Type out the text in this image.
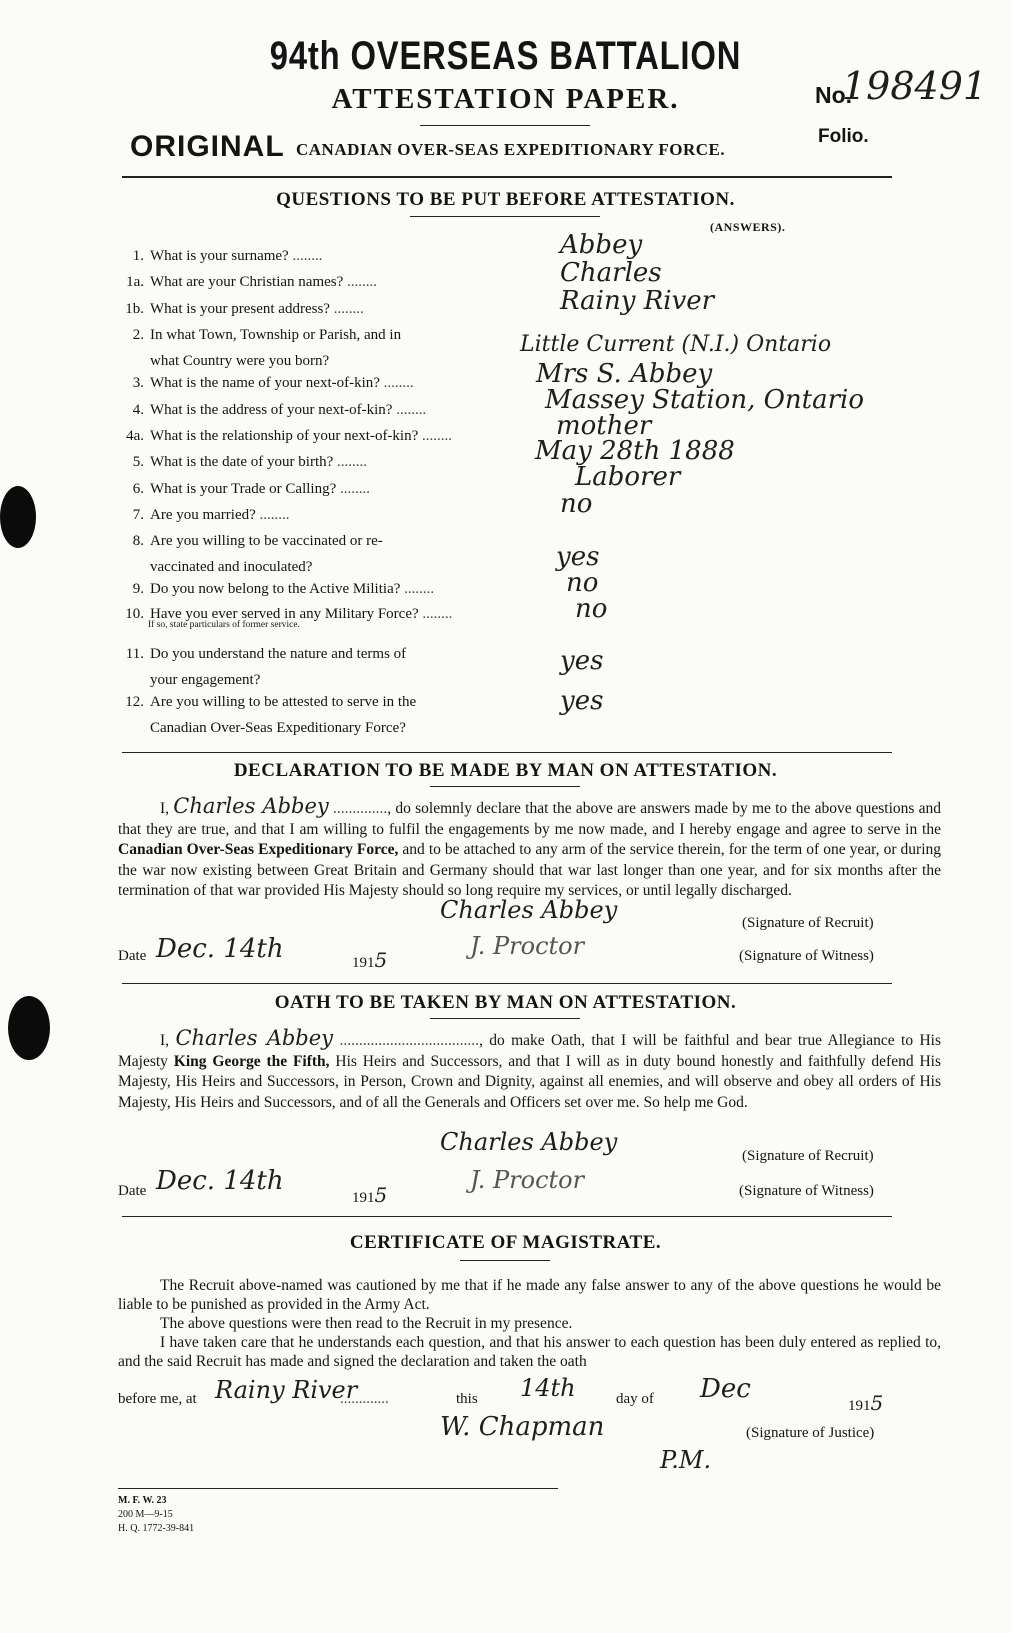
94th OVERSEAS BATTALION
ATTESTATION PAPER.	No.
198491
Folio.
ORIGINAL CANADIAN OVER-SEAS EXPEDITIONARY FORCE.
QUESTIONS TO BE PUT BEFORE ATTESTATION.
(ANSWERS).
1. What is your surname? ........	Abbey
1a. What are your Christian names? ........	Charles
1b. What is your present address? ........	Rainy River
2. In what Town, Township or Parish, and in
what Country were you born?
Little Current (N.I.) Ontario
3. What is the name of your next-of-kin? ........	Mrs S. Abbey
4. What is the address of your next-of-kin? ........	Massey Station, Ontario
4a. What is the relationship of your next-of-kin? ........	mother
5. What is the date of your birth? ........	May 28th 1888
6. What is your Trade or Calling? ........	Laborer
7. Are you married? ........	no
8. Are you willing to be vaccinated or re-
vaccinated and inoculated?	yes
9. Do you now belong to the Active Militia? ........	no
10. Have you ever served in any Military Force? ........
If so, state particulars of former service.
no
11. Do you understand the nature and terms of
your engagement?
yes
12. Are you willing to be attested to serve in the
Canadian Over-Seas Expeditionary Force?
yes
DECLARATION TO BE MADE BY MAN ON ATTESTATION.
I, Charles Abbey .............., do solemnly declare that the above are answers made by me to the above questions and that they are true, and that I am willing to fulfil the engagements by me now made, and I hereby engage and agree to serve in the Canadian Over-Seas Expeditionary Force, and to be attached to any arm of the service therein, for the term of one year, or during the war now existing between Great Britain and Germany should that war last longer than one year, and for six months after the termination of that war provided His Majesty should so long require my services, or until legally discharged.
Charles Abbey	(Signature of Recruit)
Date Dec. 14th	1915	J. Proctor	(Signature of Witness)
OATH TO BE TAKEN BY MAN ON ATTESTATION.
I, Charles Abbey ...................................., do make Oath, that I will be faithful and bear true Allegiance to His Majesty King George the Fifth, His Heirs and Successors, and that I will as in duty bound honestly and faithfully defend His Majesty, His Heirs and Successors, in Person, Crown and Dignity, against all enemies, and will observe and obey all orders of His Majesty, His Heirs and Successors, and of all the Generals and Officers set over me. So help me God.
Charles Abbey	(Signature of Recruit)
Date Dec. 14th
1915
J. Proctor	(Signature of Witness)
CERTIFICATE OF MAGISTRATE.
The Recruit above-named was cautioned by me that if he made any false answer to any of the above questions he would be liable to be punished as provided in the Army Act.
The above questions were then read to the Recruit in my presence.
I have taken care that he understands each question, and that his answer to each question has been duly entered as replied to, and the said Recruit has made and signed the declaration and taken the oath
before me, at Rainy River
.............	this 14th	day of Dec
1915
W. Chapman	(Signature of Justice)
P.M.
M. F. W. 23
200 M—9-15
H. Q. 1772-39-841
